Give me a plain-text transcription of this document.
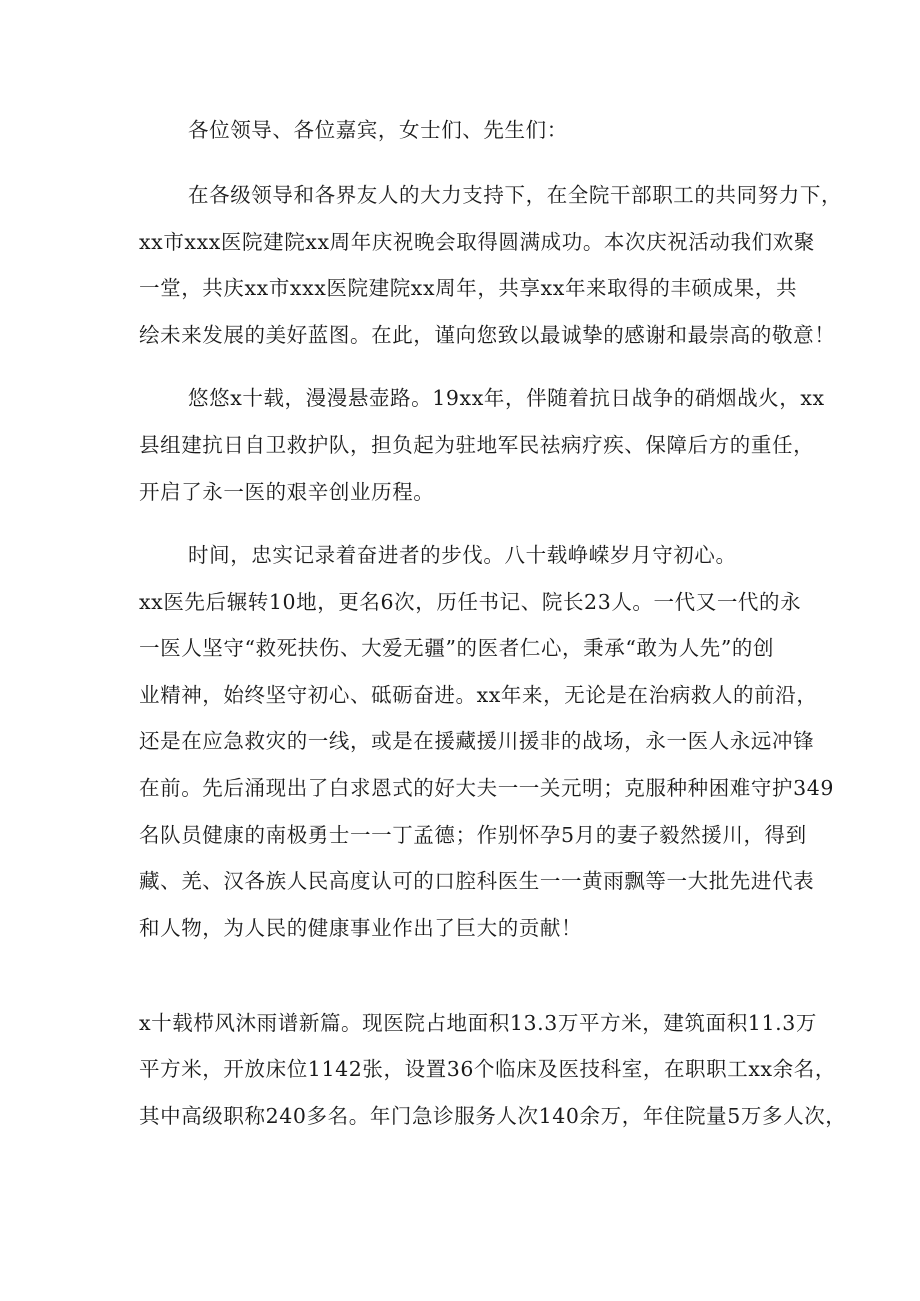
各位领导、各位嘉宾，女士们、先生们：
在各级领导和各界友人的大力支持下，在全院干部职工的共同努力下，
xx市xxx医院建院xx周年庆祝晚会取得圆满成功。本次庆祝活动我们欢聚
一堂，共庆xx市xxx医院建院xx周年，共享xx年来取得的丰硕成果，共
绘未来发展的美好蓝图。在此，谨向您致以最诚挚的感谢和最崇高的敬意！
悠悠x十载，漫漫悬壶路。19xx年，伴随着抗日战争的硝烟战火，xx
县组建抗日自卫救护队，担负起为驻地军民祛病疗疾、保障后方的重任，
开启了永一医的艰辛创业历程。
时间，忠实记录着奋进者的步伐。八十载峥嵘岁月守初心。
xx医先后辗转10地，更名6次，历任书记、院长23人。一代又一代的永
一医人坚守“救死扶伤、大爱无疆”的医者仁心，秉承“敢为人先”的创
业精神，始终坚守初心、砥砺奋进。xx年来，无论是在治病救人的前沿，
还是在应急救灾的一线，或是在援藏援川援非的战场，永一医人永远冲锋
在前。先后涌现出了白求恩式的好大夫一一关元明；克服种种困难守护349
名队员健康的南极勇士一一丁孟德；作别怀孕5月的妻子毅然援川，得到
藏、羌、汉各族人民高度认可的口腔科医生一一黄雨飘等一大批先进代表
和人物，为人民的健康事业作出了巨大的贡献！
x十载栉风沐雨谱新篇。现医院占地面积13.3万平方米，建筑面积11.3万
平方米，开放床位1142张，设置36个临床及医技科室，在职职工xx余名，
其中高级职称240多名。年门急诊服务人次140余万，年住院量5万多人次，
